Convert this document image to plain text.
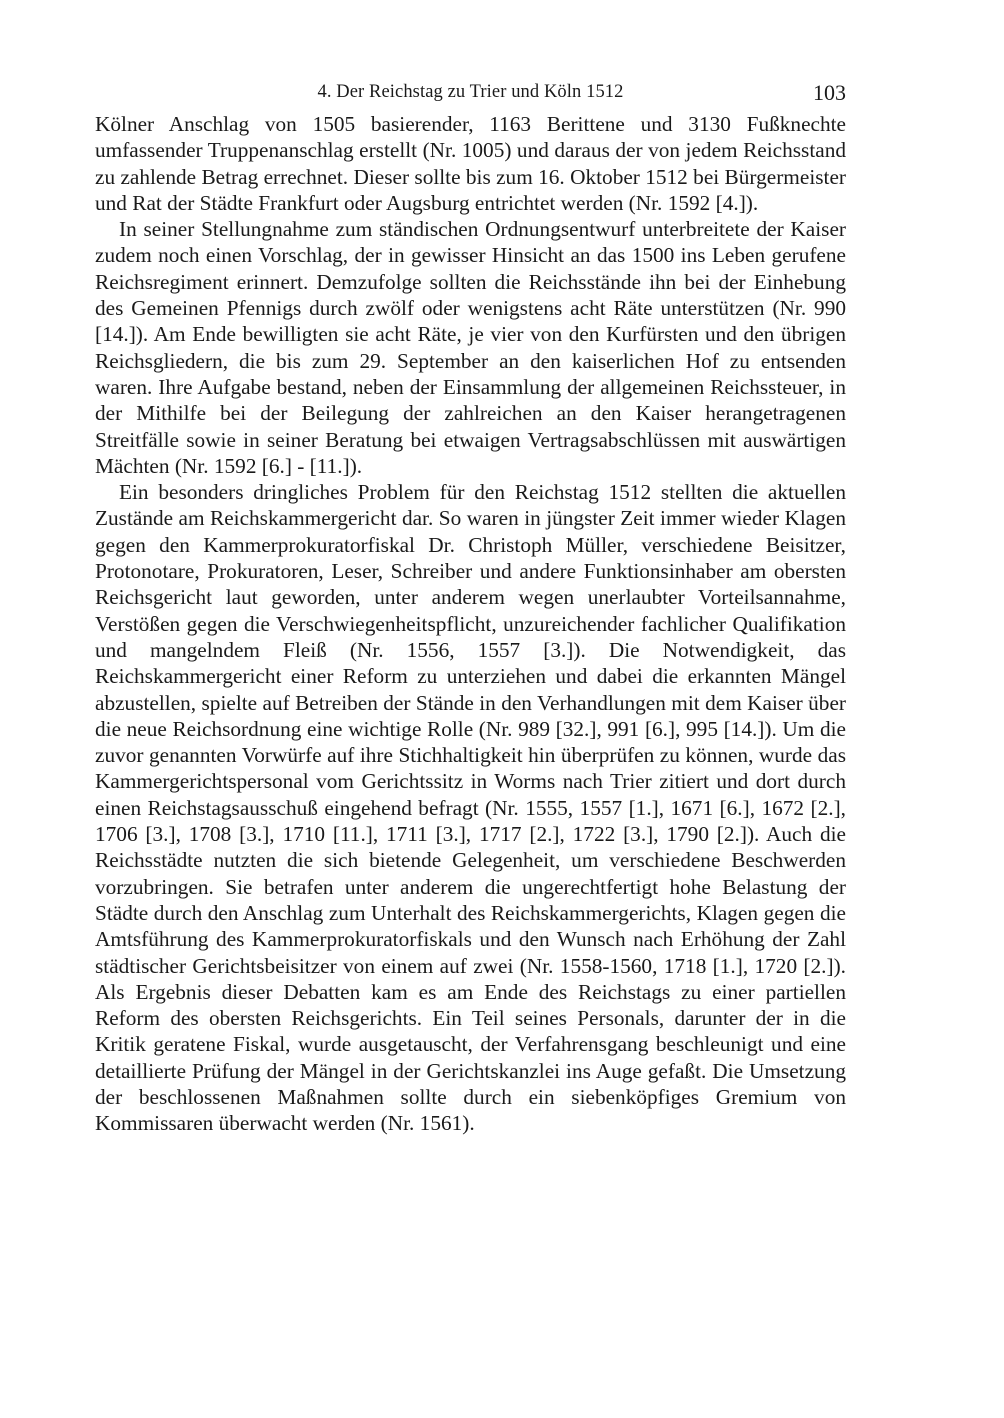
4. Der Reichstag zu Trier und Köln 1512	103

Kölner Anschlag von 1505 basierender, 1163 Berittene und 3130 Fußknechte umfassender Truppenanschlag erstellt (Nr. 1005) und daraus der von jedem Reichsstand zu zahlende Betrag errechnet. Dieser sollte bis zum 16. Oktober 1512 bei Bürgermeister und Rat der Städte Frankfurt oder Augsburg entrichtet werden (Nr. 1592 [4.]).

In seiner Stellungnahme zum ständischen Ordnungsentwurf unterbreitete der Kaiser zudem noch einen Vorschlag, der in gewisser Hinsicht an das 1500 ins Leben gerufene Reichsregiment erinnert. Demzufolge sollten die Reichsstände ihn bei der Einhebung des Gemeinen Pfennigs durch zwölf oder wenigstens acht Räte unterstützen (Nr. 990 [14.]). Am Ende bewilligten sie acht Räte, je vier von den Kurfürsten und den übrigen Reichsgliedern, die bis zum 29. September an den kaiserlichen Hof zu entsenden waren. Ihre Aufgabe bestand, neben der Einsammlung der allgemeinen Reichssteuer, in der Mithilfe bei der Beilegung der zahlreichen an den Kaiser herangetragenen Streitfälle sowie in seiner Beratung bei etwaigen Vertragsabschlüssen mit auswärtigen Mächten (Nr. 1592 [6.] - [11.]).

Ein besonders dringliches Problem für den Reichstag 1512 stellten die aktuellen Zustände am Reichskammergericht dar. So waren in jüngster Zeit immer wieder Klagen gegen den Kammerprokuratorfiskal Dr. Christoph Müller, verschiedene Beisitzer, Protonotare, Prokuratoren, Leser, Schreiber und andere Funktionsinhaber am obersten Reichsgericht laut geworden, unter anderem wegen unerlaubter Vorteilsannahme, Verstößen gegen die Verschwiegenheitspflicht, unzureichender fachlicher Qualifikation und mangelndem Fleiß (Nr. 1556, 1557 [3.]). Die Notwendigkeit, das Reichskammergericht einer Reform zu unterziehen und dabei die erkannten Mängel abzustellen, spielte auf Betreiben der Stände in den Verhandlungen mit dem Kaiser über die neue Reichsordnung eine wichtige Rolle (Nr. 989 [32.], 991 [6.], 995 [14.]). Um die zuvor genannten Vorwürfe auf ihre Stichhaltigkeit hin überprüfen zu können, wurde das Kammergerichtspersonal vom Gerichtssitz in Worms nach Trier zitiert und dort durch einen Reichstagsausschuß eingehend befragt (Nr. 1555, 1557 [1.], 1671 [6.], 1672 [2.], 1706 [3.], 1708 [3.], 1710 [11.], 1711 [3.], 1717 [2.], 1722 [3.], 1790 [2.]). Auch die Reichsstädte nutzten die sich bietende Gelegenheit, um verschiedene Beschwerden vorzubringen. Sie betrafen unter anderem die ungerechtfertigt hohe Belastung der Städte durch den Anschlag zum Unterhalt des Reichskammergerichts, Klagen gegen die Amtsführung des Kammerprokuratorfiskals und den Wunsch nach Erhöhung der Zahl städtischer Gerichtsbeisitzer von einem auf zwei (Nr. 1558-1560, 1718 [1.], 1720 [2.]). Als Ergebnis dieser Debatten kam es am Ende des Reichstags zu einer partiellen Reform des obersten Reichsgerichts. Ein Teil seines Personals, darunter der in die Kritik geratene Fiskal, wurde ausgetauscht, der Verfahrensgang beschleunigt und eine detaillierte Prüfung der Mängel in der Gerichtskanzlei ins Auge gefaßt. Die Umsetzung der beschlossenen Maßnahmen sollte durch ein siebenköpfiges Gremium von Kommissaren überwacht werden (Nr. 1561).
